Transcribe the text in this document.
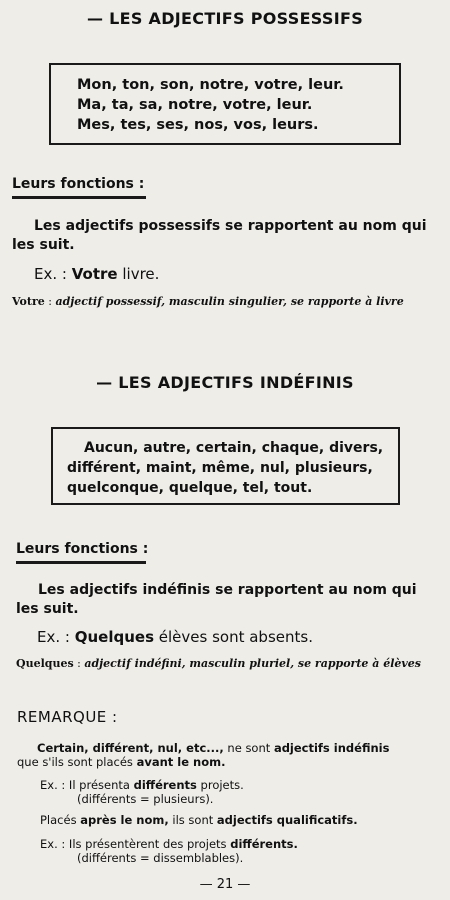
— LES ADJECTIFS POSSESSIFS
Mon, ton, son, notre, votre, leur.
Ma, ta, sa, notre, votre, leur.
Mes, tes, ses, nos, vos, leurs.
Leurs fonctions :
Les adjectifs possessifs se rapportent au nom qui les suit.
Ex. : Votre livre.
Votre : adjectif possessif, masculin singulier, se rapporte à livre
— LES ADJECTIFS INDÉFINIS
Aucun, autre, certain, chaque, divers,
différent, maint, même, nul, plusieurs,
quelconque, quelque, tel, tout.
Leurs fonctions :
Les adjectifs indéfinis se rapportent au nom qui les suit.
Ex. : Quelques élèves sont absents.
Quelques : adjectif indéfini, masculin pluriel, se rapporte à élèves
REMARQUE :
Certain, différent, nul, etc..., ne sont adjectifs indéfinis
que s'ils sont placés avant le nom.
Ex. : Il présenta différents projets.
(différents = plusieurs).
Placés après le nom, ils sont adjectifs qualificatifs.
Ex. : Ils présentèrent des projets différents.
(différents = dissemblables).
— 21 —
